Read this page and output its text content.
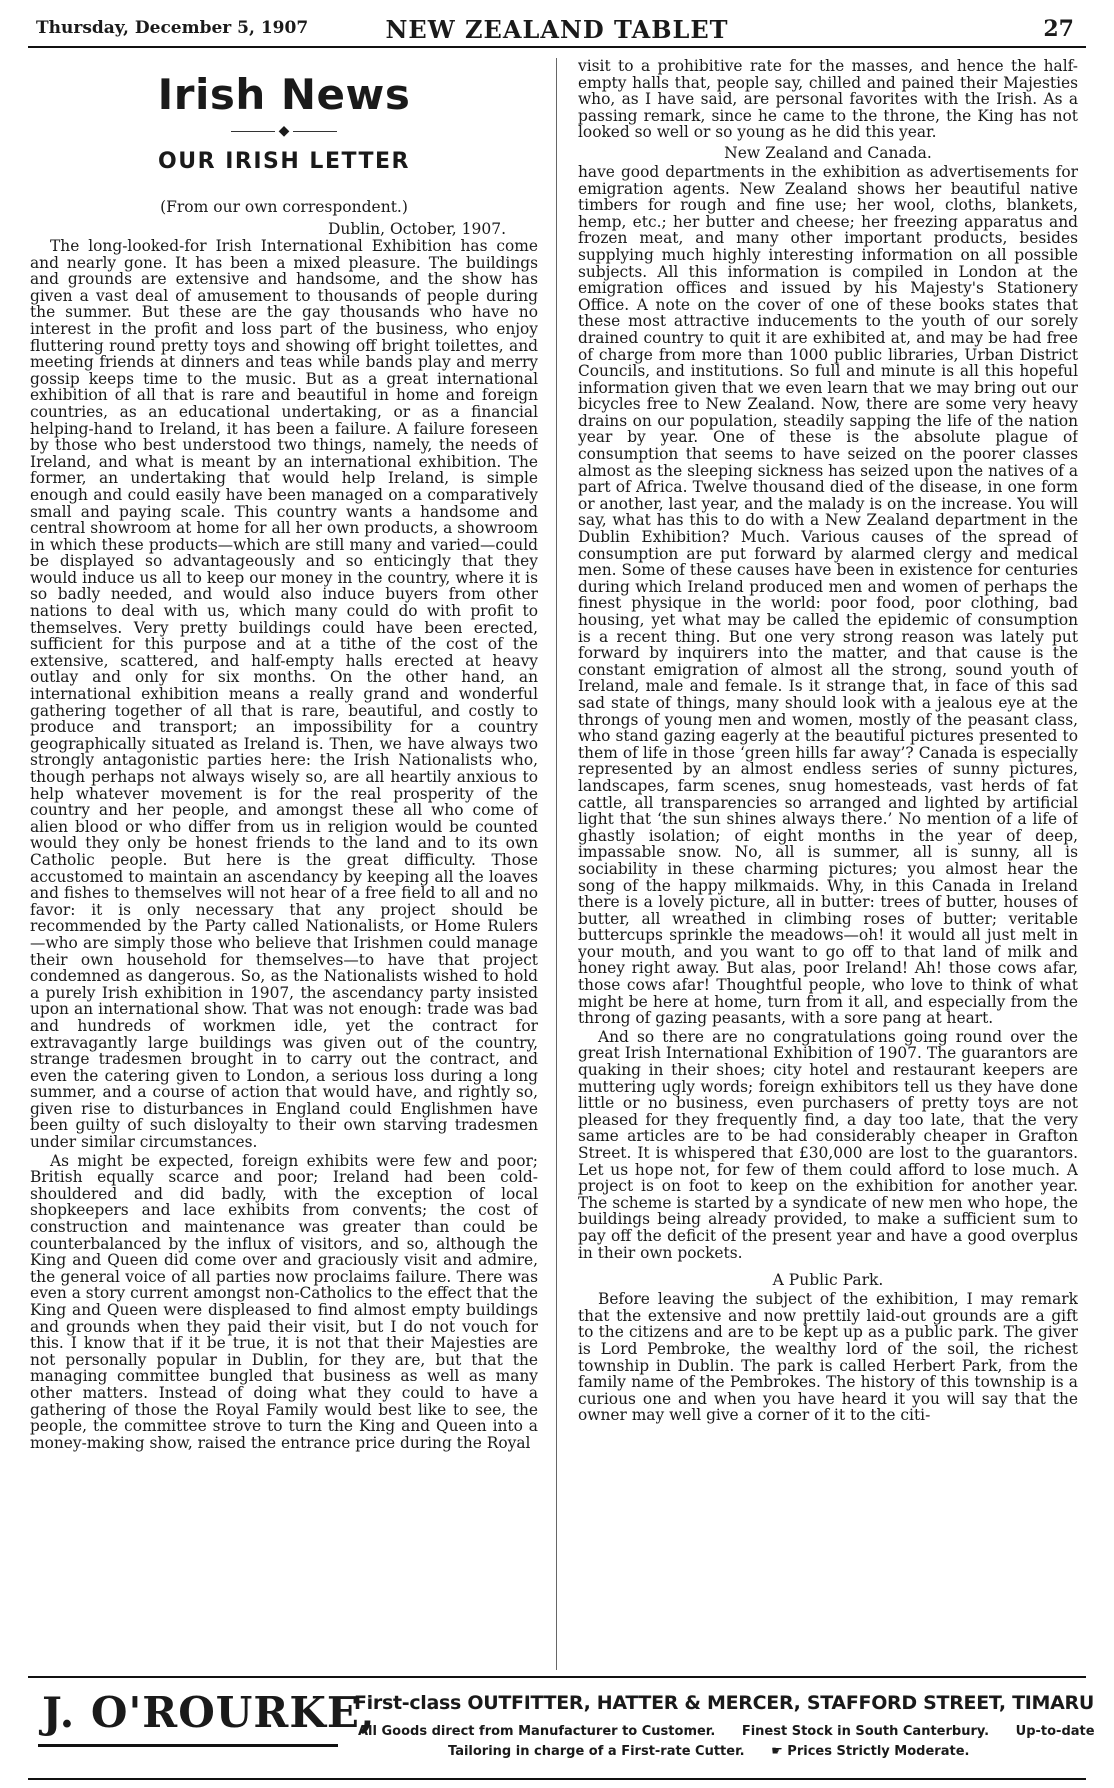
Thursday, December 5, 1907	NEW ZEALAND TABLET	27
Irish News
◆
OUR IRISH LETTER
(From our own correspondent.)
Dublin, October, 1907.

The long-looked-for Irish International Exhibition has come and nearly gone. It has been a mixed pleasure. The buildings and grounds are extensive and handsome, and the show has given a vast deal of amusement to thousands of people during the summer. But these are the gay thousands who have no interest in the profit and loss part of the business, who enjoy fluttering round pretty toys and showing off bright toilettes, and meeting friends at dinners and teas while bands play and merry gossip keeps time to the music. But as a great international exhibition of all that is rare and beautiful in home and foreign countries, as an educational undertaking, or as a financial helping-hand to Ireland, it has been a failure. A failure foreseen by those who best understood two things, namely, the needs of Ireland, and what is meant by an international exhibition. The former, an undertaking that would help Ireland, is simple enough and could easily have been managed on a comparatively small and paying scale. This country wants a handsome and central showroom at home for all her own products, a showroom in which these products—which are still many and varied—could be displayed so advantageously and so enticingly that they would induce us all to keep our money in the country, where it is so badly needed, and would also induce buyers from other nations to deal with us, which many could do with profit to themselves. Very pretty buildings could have been erected, sufficient for this purpose and at a tithe of the cost of the extensive, scattered, and half-empty halls erected at heavy outlay and only for six months. On the other hand, an international exhibition means a really grand and wonderful gathering together of all that is rare, beautiful, and costly to produce and transport; an impossibility for a country geographically situated as Ireland is. Then, we have always two strongly antagonistic parties here: the Irish Nationalists who, though perhaps not always wisely so, are all heartily anxious to help whatever movement is for the real prosperity of the country and her people, and amongst these all who come of alien blood or who differ from us in religion would be counted would they only be honest friends to the land and to its own Catholic people. But here is the great difficulty. Those accustomed to maintain an ascendancy by keeping all the loaves and fishes to themselves will not hear of a free field to all and no favor: it is only necessary that any project should be recommended by the Party called Nationalists, or Home Rulers—who are simply those who believe that Irishmen could manage their own household for themselves—to have that project condemned as dangerous. So, as the Nationalists wished to hold a purely Irish exhibition in 1907, the ascendancy party insisted upon an international show. That was not enough: trade was bad and hundreds of workmen idle, yet the contract for extravagantly large buildings was given out of the country, strange tradesmen brought in to carry out the contract, and even the catering given to London, a serious loss during a long summer, and a course of action that would have, and rightly so, given rise to disturbances in England could Englishmen have been guilty of such disloyalty to their own starving tradesmen under similar circumstances.

As might be expected, foreign exhibits were few and poor; British equally scarce and poor; Ireland had been cold-shouldered and did badly, with the exception of local shopkeepers and lace exhibits from convents; the cost of construction and maintenance was greater than could be counterbalanced by the influx of visitors, and so, although the King and Queen did come over and graciously visit and admire, the general voice of all parties now proclaims failure. There was even a story current amongst non-Catholics to the effect that the King and Queen were displeased to find almost empty buildings and grounds when they paid their visit, but I do not vouch for this. I know that if it be true, it is not that their Majesties are not personally popular in Dublin, for they are, but that the managing committee bungled that business as well as many other matters. Instead of doing what they could to have a gathering of those the Royal Family would best like to see, the people, the committee strove to turn the King and Queen into a money-making show, raised the entrance price during the Royal

visit to a prohibitive rate for the masses, and hence the half-empty halls that, people say, chilled and pained their Majesties who, as I have said, are personal favorites with the Irish. As a passing remark, since he came to the throne, the King has not looked so well or so young as he did this year.

New Zealand and Canada.

have good departments in the exhibition as advertisements for emigration agents. New Zealand shows her beautiful native timbers for rough and fine use; her wool, cloths, blankets, hemp, etc.; her butter and cheese; her freezing apparatus and frozen meat, and many other important products, besides supplying much highly interesting information on all possible subjects. All this information is compiled in London at the emigration offices and issued by his Majesty's Stationery Office. A note on the cover of one of these books states that these most attractive inducements to the youth of our sorely drained country to quit it are exhibited at, and may be had free of charge from more than 1000 public libraries, Urban District Councils, and institutions. So full and minute is all this hopeful information given that we even learn that we may bring out our bicycles free to New Zealand. Now, there are some very heavy drains on our population, steadily sapping the life of the nation year by year. One of these is the absolute plague of consumption that seems to have seized on the poorer classes almost as the sleeping sickness has seized upon the natives of a part of Africa. Twelve thousand died of the disease, in one form or another, last year, and the malady is on the increase. You will say, what has this to do with a New Zealand department in the Dublin Exhibition? Much. Various causes of the spread of consumption are put forward by alarmed clergy and medical men. Some of these causes have been in existence for centuries during which Ireland produced men and women of perhaps the finest physique in the world: poor food, poor clothing, bad housing, yet what may be called the epidemic of consumption is a recent thing. But one very strong reason was lately put forward by inquirers into the matter, and that cause is the constant emigration of almost all the strong, sound youth of Ireland, male and female. Is it strange that, in face of this sad sad state of things, many should look with a jealous eye at the throngs of young men and women, mostly of the peasant class, who stand gazing eagerly at the beautiful pictures presented to them of life in those ‘green hills far away’? Canada is especially represented by an almost endless series of sunny pictures, landscapes, farm scenes, snug homesteads, vast herds of fat cattle, all transparencies so arranged and lighted by artificial light that ‘the sun shines always there.’ No mention of a life of ghastly isolation; of eight months in the year of deep, impassable snow. No, all is summer, all is sunny, all is sociability in these charming pictures; you almost hear the song of the happy milkmaids. Why, in this Canada in Ireland there is a lovely picture, all in butter: trees of butter, houses of butter, all wreathed in climbing roses of butter; veritable buttercups sprinkle the meadows—oh! it would all just melt in your mouth, and you want to go off to that land of milk and honey right away. But alas, poor Ireland! Ah! those cows afar, those cows afar! Thoughtful people, who love to think of what might be here at home, turn from it all, and especially from the throng of gazing peasants, with a sore pang at heart.

And so there are no congratulations going round over the great Irish International Exhibition of 1907. The guarantors are quaking in their shoes; city hotel and restaurant keepers are muttering ugly words; foreign exhibitors tell us they have done little or no business, even purchasers of pretty toys are not pleased for they frequently find, a day too late, that the very same articles are to be had considerably cheaper in Grafton Street. It is whispered that £30,000 are lost to the guarantors. Let us hope not, for few of them could afford to lose much. A project is on foot to keep on the exhibition for another year. The scheme is started by a syndicate of new men who hope, the buildings being already provided, to make a sufficient sum to pay off the deficit of the present year and have a good overplus in their own pockets.

A Public Park.

Before leaving the subject of the exhibition, I may remark that the extensive and now prettily laid-out grounds are a gift to the citizens and are to be kept up as a public park. The giver is Lord Pembroke, the wealthy lord of the soil, the richest township in Dublin. The park is called Herbert Park, from the family name of the Pembrokes. The history of this township is a curious one and when you have heard it you will say that the owner may well give a corner of it to the citi-

J. O'ROURKE,
First-class OUTFITTER, HATTER & MERCER, STAFFORD STREET, TIMARU
All Goods direct from Manufacturer to Customer. Finest Stock in South Canterbury. Up-to-date
Tailoring in charge of a First-rate Cutter. ☛ Prices Strictly Moderate.
